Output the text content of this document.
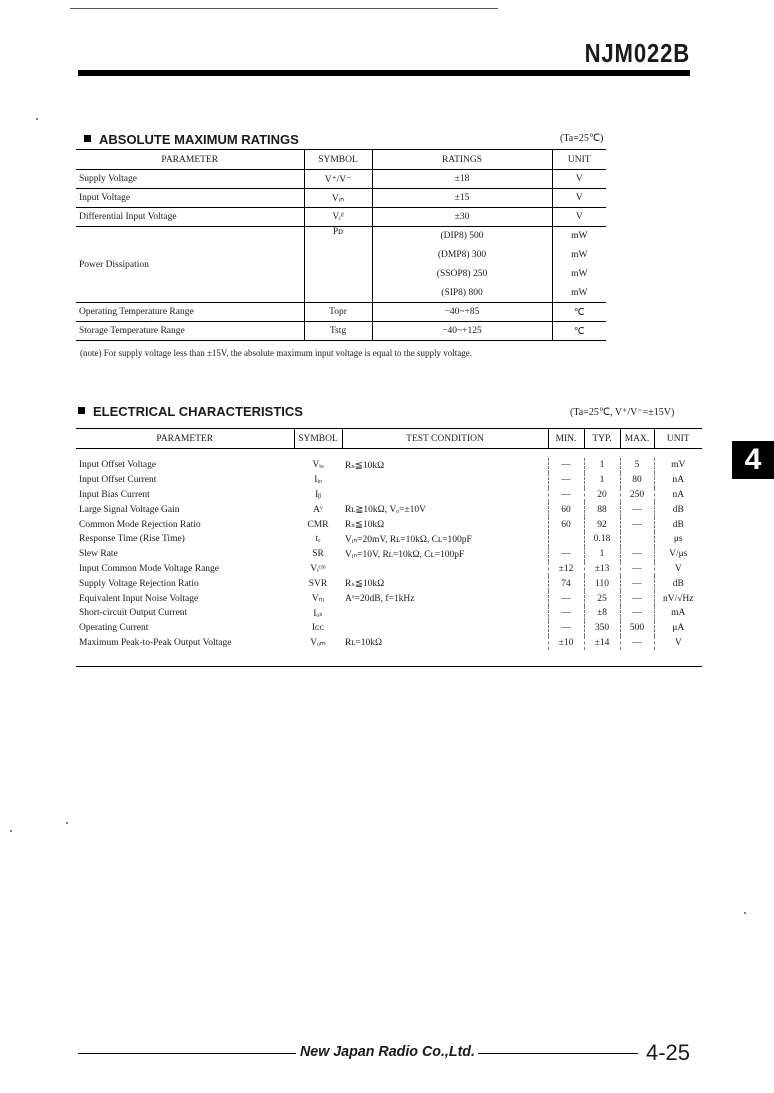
NJM022B
ABSOLUTE MAXIMUM RATINGS	(Ta=25℃)
PARAMETER	SYMBOL	RATINGS	UNIT
Supply Voltage	V⁺/V⁻	±18	V
Input Voltage	Vᵢₙ	±15	V
Differential Input Voltage	Vᵢᵈ	±30	V
Power Dissipation	Pᴅ	(DIP8) 500	mW
		(DMP8) 300	mW
		(SSOP8) 250	mW
		(SIP8) 800	mW
Operating Temperature Range	Topr	−40~+85	℃
Storage Temperature Range	Tstg	−40~+125	℃
(note) For supply voltage less than ±15V, the absolute maximum input voltage is equal to the supply voltage.
ELECTRICAL CHARACTERISTICS	(Ta=25℃, V⁺/V⁻=±15V)
PARAMETER	SYMBOL	TEST CONDITION	MIN.	TYP.	MAX.	UNIT
Input Offset Voltage	Vᵢₒ	Rₛ≦10kΩ	—	1	5	mV
Input Offset Current	Iᵢₒ		—	1	80	nA
Input Bias Current	Iᵦ		—	20	250	nA
Large Signal Voltage Gain	Aᵛ	Rʟ≧10kΩ, Vₒ=±10V	60	88	—	dB
Common Mode Rejection Ratio	CMR	Rₛ≦10kΩ	60	92	—	dB
Response Time (Rise Time)	tᵣ	Vᵢₙ=20mV, Rʟ=10kΩ, Cʟ=100pF		0.18		μs
Slew Rate	SR	Vᵢₙ=10V, Rʟ=10kΩ, Cʟ=100pF	—	1	—	V/μs
Input Common Mode Voltage Range	Vᵢᶜᵐ		±12	±13	—	V
Supply Voltage Rejection Ratio	SVR	Rₛ≦10kΩ	74	110	—	dB
Equivalent Input Noise Voltage	Vₙᵢ	Aᵛ=20dB, f=1kHz	—	25	—	nV/√Hz
Short-circuit Output Current	Iₒₛ		—	±8	—	mA
Operating Current	Iᴄᴄ		—	350	500	μA
Maximum Peak-to-Peak Output Voltage	Vₒₘ	Rʟ=10kΩ	±10	±14	—	V
4
New Japan Radio Co.,Ltd.	4-25
